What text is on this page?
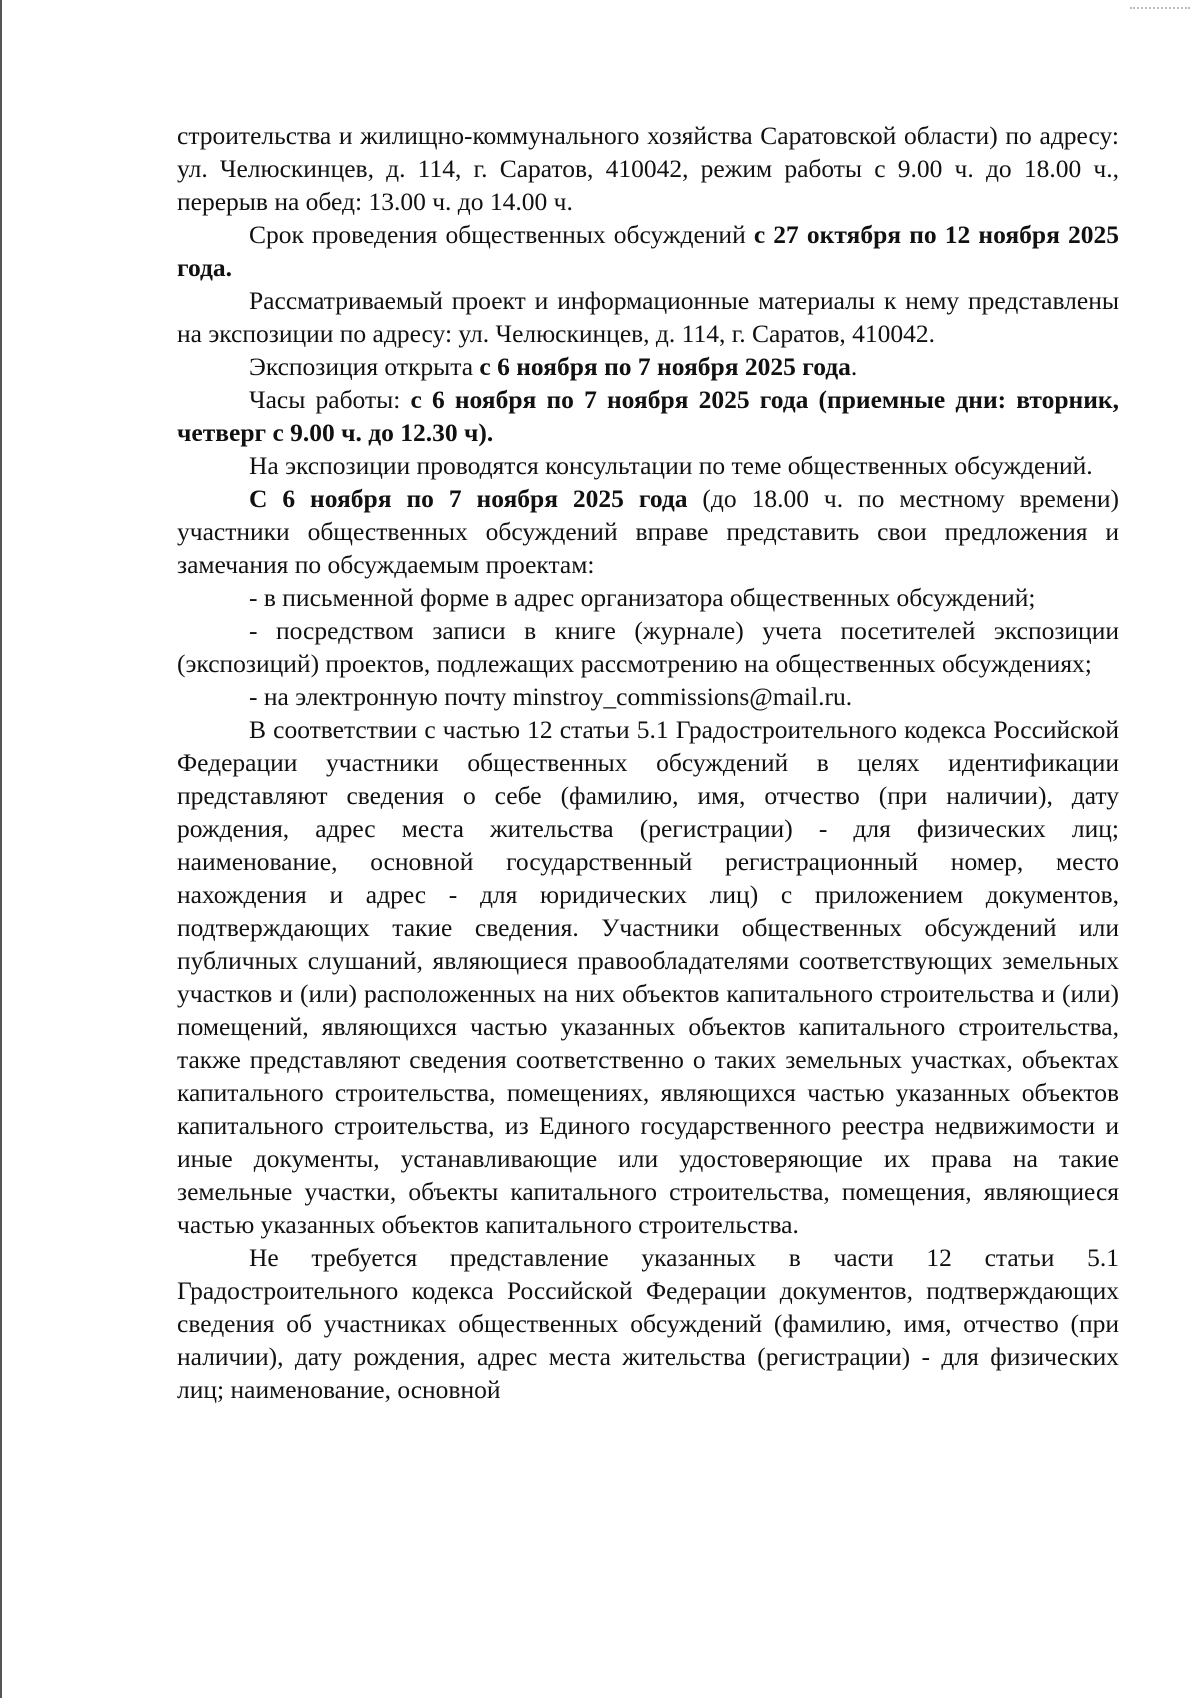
строительства и жилищно-коммунального хозяйства Саратовской области) по адресу: ул. Челюскинцев, д. 114, г. Саратов, 410042, режим работы с 9.00 ч. до 18.00 ч., перерыв на обед: 13.00 ч. до 14.00 ч.

Срок проведения общественных обсуждений с 27 октября по 12 ноября 2025 года.

Рассматриваемый проект и информационные материалы к нему представлены на экспозиции по адресу: ул. Челюскинцев, д. 114, г. Саратов, 410042.

Экспозиция открыта с 6 ноября по 7 ноября 2025 года.

Часы работы: с 6 ноября по 7 ноября 2025 года (приемные дни: вторник, четверг с 9.00 ч. до 12.30 ч).

На экспозиции проводятся консультации по теме общественных обсуждений.

С 6 ноября по 7 ноября 2025 года (до 18.00 ч. по местному времени) участники общественных обсуждений вправе представить свои предложения и замечания по обсуждаемым проектам:

- в письменной форме в адрес организатора общественных обсуждений;

- посредством записи в книге (журнале) учета посетителей экспозиции (экспозиций) проектов, подлежащих рассмотрению на общественных обсуждениях;

- на электронную почту minstroy_commissions@mail.ru.

В соответствии с частью 12 статьи 5.1 Градостроительного кодекса Российской Федерации участники общественных обсуждений в целях идентификации представляют сведения о себе (фамилию, имя, отчество (при наличии), дату рождения, адрес места жительства (регистрации) - для физических лиц; наименование, основной государственный регистрационный номер, место нахождения и адрес - для юридических лиц) с приложением документов, подтверждающих такие сведения. Участники общественных обсуждений или публичных слушаний, являющиеся правообладателями соответствующих земельных участков и (или) расположенных на них объектов капитального строительства и (или) помещений, являющихся частью указанных объектов капитального строительства, также представляют сведения соответственно о таких земельных участках, объектах капитального строительства, помещениях, являющихся частью указанных объектов капитального строительства, из Единого государственного реестра недвижимости и иные документы, устанавливающие или удостоверяющие их права на такие земельные участки, объекты капитального строительства, помещения, являющиеся частью указанных объектов капитального строительства.

Не требуется представление указанных в части 12 статьи 5.1 Градостроительного кодекса Российской Федерации документов, подтверждающих сведения об участниках общественных обсуждений (фамилию, имя, отчество (при наличии), дату рождения, адрес места жительства (регистрации) - для физических лиц; наименование, основной
